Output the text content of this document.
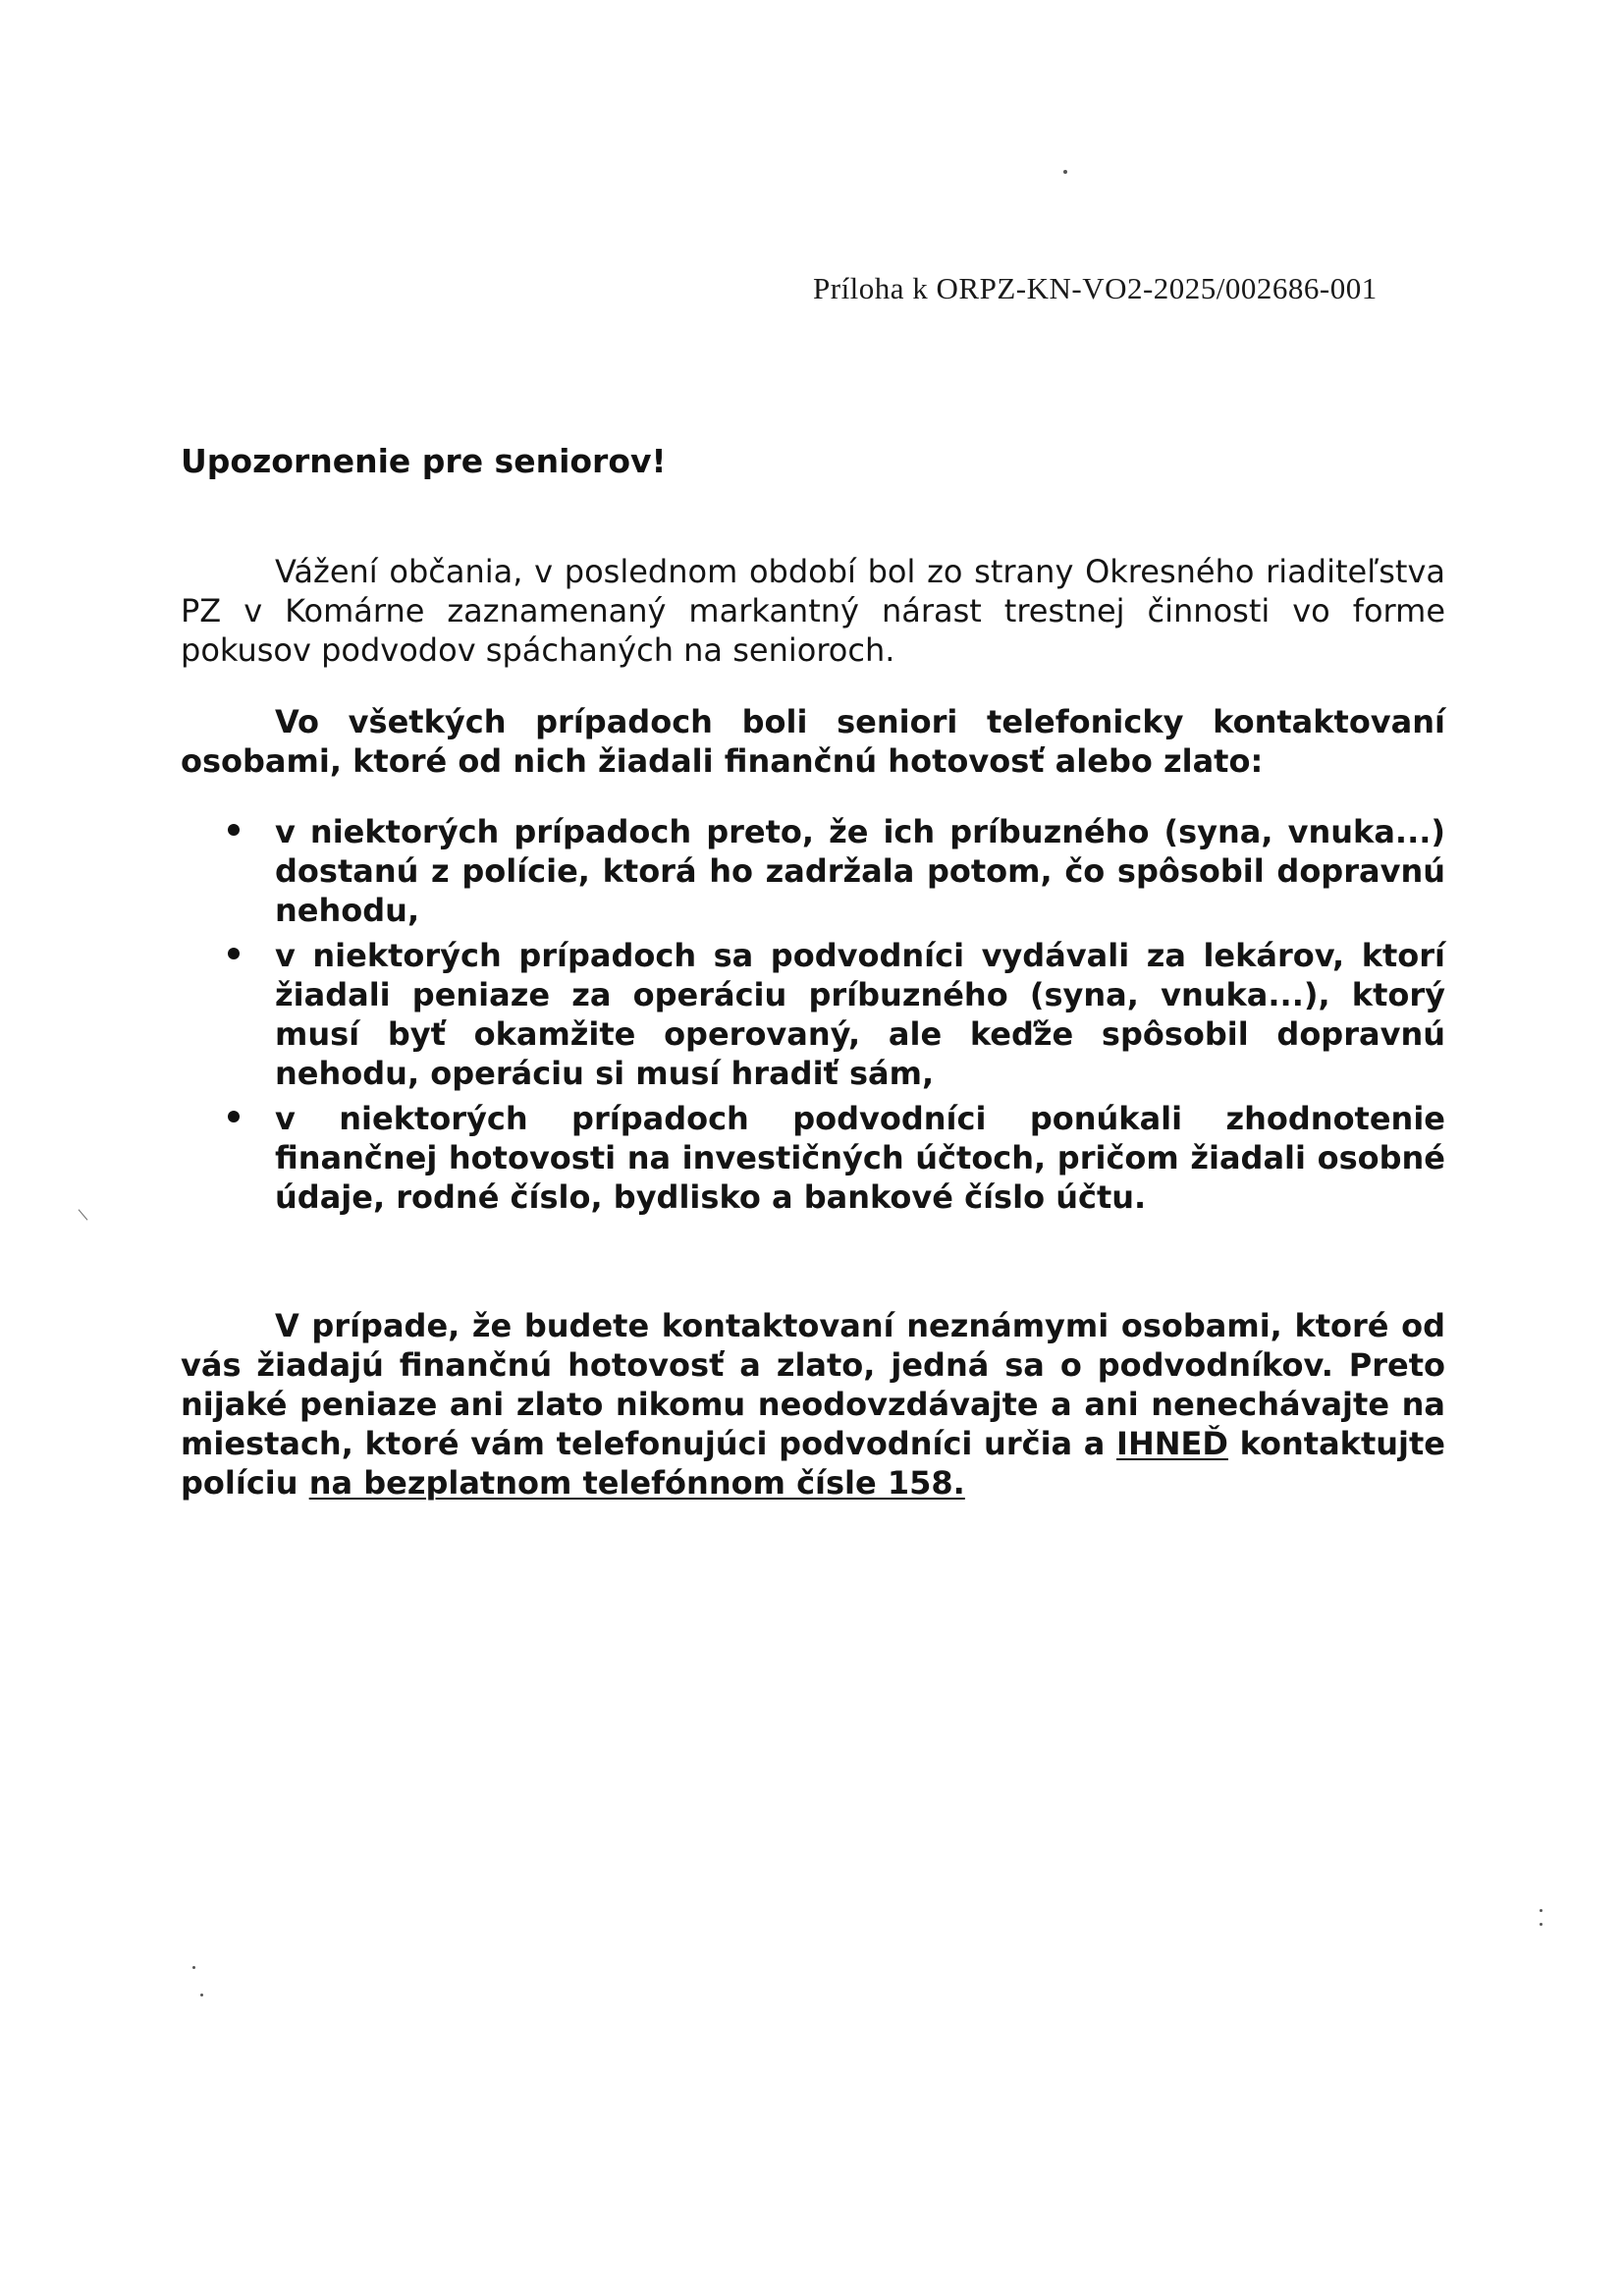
Príloha k ORPZ-KN-VO2-2025/002686-001
Upozornenie pre seniorov!

Vážení občania, v poslednom období bol zo strany Okresného riaditeľstva PZ v Komárne zaznamenaný markantný nárast trestnej činnosti vo forme pokusov podvodov spáchaných na senioroch.

Vo všetkých prípadoch boli seniori telefonicky kontaktovaní osobami, ktoré od nich žiadali finančnú hotovosť alebo zlato:

v niektorých prípadoch preto, že ich príbuzného (syna, vnuka...) dostanú z polície, ktorá ho zadržala potom, čo spôsobil dopravnú nehodu,
v niektorých prípadoch sa podvodníci vydávali za lekárov, ktorí žiadali peniaze za operáciu príbuzného (syna, vnuka...), ktorý musí byť okamžite operovaný, ale keďže spôsobil dopravnú nehodu, operáciu si musí hradiť sám,
v niektorých prípadoch podvodníci ponúkali zhodnotenie finančnej hotovosti na investičných účtoch, pričom žiadali osobné údaje, rodné číslo, bydlisko a bankové číslo účtu.

V prípade, že budete kontaktovaní neznámymi osobami, ktoré od vás žiadajú finančnú hotovosť a zlato, jedná sa o podvodníkov. Preto nijaké peniaze ani zlato nikomu neodovzdávajte a ani nenechávajte na miestach, ktoré vám telefonujúci podvodníci určia a IHNEĎ kontaktujte políciu na bezplatnom telefónnom čísle 158.
